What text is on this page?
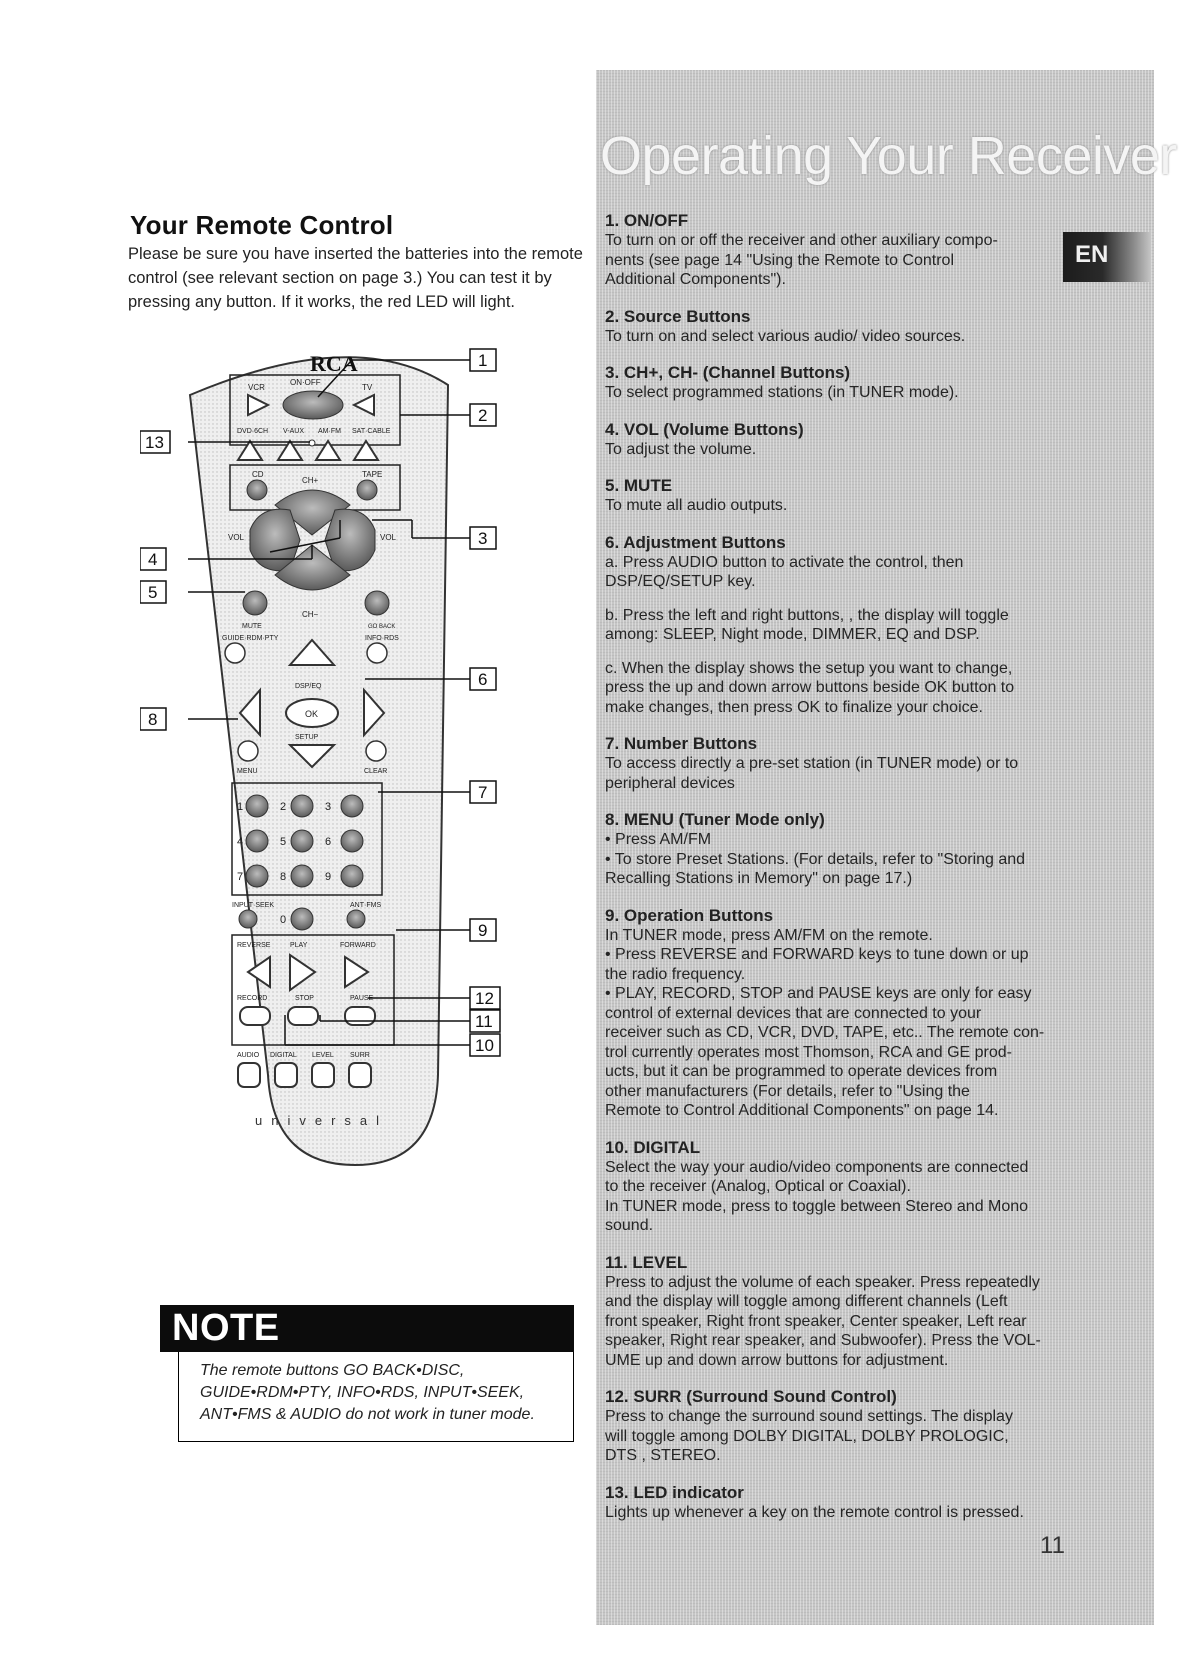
Your Remote Control
Please be sure you have inserted the batteries into the remote control (see relevant section on page 3.) You can test it by pressing any button. If it works, the red LED will light.
RCA
VCR
ON·OFF
TV
DVD·6CH V-AUX AM·FM SAT·CABLE
CD	TAPE
CH+
VOL	VOL
CH−
MUTE	GO BACK
GUIDE·RDM·PTY	INFO·RDS
DSP/EQ
OK
SETUP
MENU	CLEAR
1	2	3
4	5	6
7	8	9
INPUT·SEEK	ANT·FMS
0
REVERSE	PLAY	FORWARD
RECORD	STOP	PAUSE
AUDIO DIGITAL LEVEL SURR
universal
1
2
3
4
5
6
7
8
9
10
11
12
13
NOTE
The remote buttons GO BACK•DISC, GUIDE•RDM•PTY, INFO•RDS, INPUT•SEEK, ANT•FMS & AUDIO do not work in tuner mode.
Operating Your Receiver
EN
1. ON/OFF
To turn on or off the receiver and other auxiliary compo-
nents (see page 14 "Using the Remote to Control
Additional Components").
2. Source Buttons
To turn on and select various audio/ video sources.
3. CH+, CH- (Channel Buttons)
To select programmed stations (in TUNER mode).
4. VOL (Volume Buttons)
To adjust the volume.
5. MUTE
To mute all audio outputs.
6. Adjustment Buttons
a. Press AUDIO button to activate the control, then
DSP/EQ/SETUP key.
b. Press the left and right buttons, , the display will toggle
among: SLEEP, Night mode, DIMMER, EQ and DSP.
c. When the display shows the setup you want to change,
press the up and down arrow buttons beside OK button to
make changes, then press OK to finalize your choice.
7. Number Buttons
To access directly a pre-set station (in TUNER mode) or to
peripheral devices
8. MENU (Tuner Mode only)
• Press AM/FM
• To store Preset Stations. (For details, refer to "Storing and
Recalling Stations in Memory" on page 17.)
9. Operation Buttons
In TUNER mode, press AM/FM on the remote.
• Press REVERSE and FORWARD keys to tune down or up
the radio frequency.
• PLAY, RECORD, STOP and PAUSE keys are only for easy
control of external devices that are connected to your
receiver such as CD, VCR, DVD, TAPE, etc.. The remote con-
trol currently operates most Thomson, RCA and GE prod-
ucts, but it can be programmed to operate devices from
other manufacturers (For details, refer to "Using the
Remote to Control Additional Components" on page 14.
10. DIGITAL
Select the way your audio/video components are connected
to the receiver (Analog, Optical or Coaxial).
In TUNER mode, press to toggle between Stereo and Mono
sound.
11. LEVEL
Press to adjust the volume of each speaker. Press repeatedly
and the display will toggle among different channels (Left
front speaker, Right front speaker, Center speaker, Left rear
speaker, Right rear speaker, and Subwoofer). Press the VOL-
UME up and down arrow buttons for adjustment.
12. SURR (Surround Sound Control)
Press to change the surround sound settings. The display
will toggle among DOLBY DIGITAL, DOLBY PROLOGIC,
DTS , STEREO.
13. LED indicator
Lights up whenever a key on the remote control is pressed.
11
